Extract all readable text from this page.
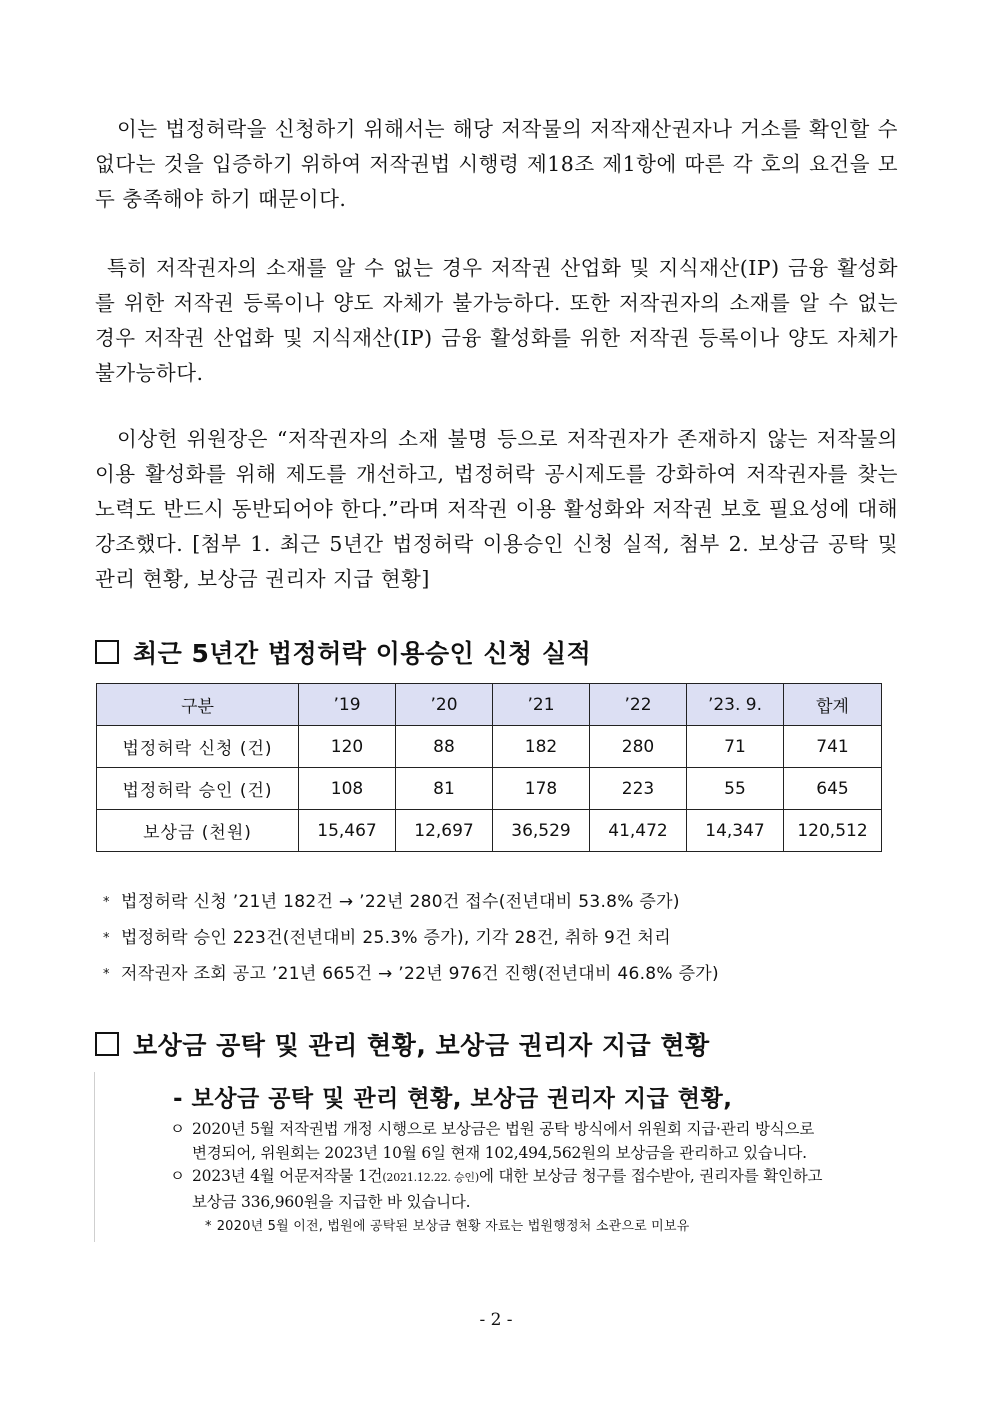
이는 법정허락을 신청하기 위해서는 해당 저작물의 저작재산권자나 거소를 확인할 수 없다는 것을 입증하기 위하여 저작권법 시행령 제18조 제1항에 따른 각 호의 요건을 모두 충족해야 하기 때문이다.
특히 저작권자의 소재를 알 수 없는 경우 저작권 산업화 및 지식재산(IP) 금융 활성화를 위한 저작권 등록이나 양도 자체가 불가능하다. 또한 저작권자의 소재를 알 수 없는 경우 저작권 산업화 및 지식재산(IP) 금융 활성화를 위한 저작권 등록이나 양도 자체가 불가능하다.
이상헌 위원장은 “저작권자의 소재 불명 등으로 저작권자가 존재하지 않는 저작물의 이용 활성화를 위해 제도를 개선하고, 법정허락 공시제도를 강화하여 저작권자를 찾는 노력도 반드시 동반되어야 한다.”라며 저작권 이용 활성화와 저작권 보호 필요성에 대해 강조했다. [첨부 1. 최근 5년간 법정허락 이용승인 신청 실적, 첨부 2. 보상금 공탁 및 관리 현황, 보상금 권리자 지급 현황]
최근 5년간 법정허락 이용승인 신청 실적
구분	’19	’20	’21	’22	’23. 9.	합계
법정허락 신청 (건)	120	88	182	280	71	741
법정허락 승인 (건)	108	81	178	223	55	645
보상금 (천원)	15,467	12,697	36,529	41,472	14,347	120,512
* 법정허락 신청 ’21년 182건 → ’22년 280건 접수(전년대비 53.8% 증가)
* 법정허락 승인 223건(전년대비 25.3% 증가), 기각 28건, 취하 9건 처리
* 저작권자 조회 공고 ’21년 665건 → ’22년 976건 진행(전년대비 46.8% 증가)
보상금 공탁 및 관리 현황, 보상금 권리자 지급 현황
- 보상금 공탁 및 관리 현황, 보상금 권리자 지급 현황,
ㅇ 2020년 5월 저작권법 개정 시행으로 보상금은 법원 공탁 방식에서 위원회 지급·관리 방식으로 변경되어, 위원회는 2023년 10월 6일 현재 102,494,562원의 보상금을 관리하고 있습니다.
ㅇ 2023년 4월 어문저작물 1건(2021.12.22. 승인)에 대한 보상금 청구를 접수받아, 권리자를 확인하고 보상금 336,960원을 지급한 바 있습니다.
* 2020년 5월 이전, 법원에 공탁된 보상금 현황 자료는 법원행정처 소관으로 미보유
- 2 -
